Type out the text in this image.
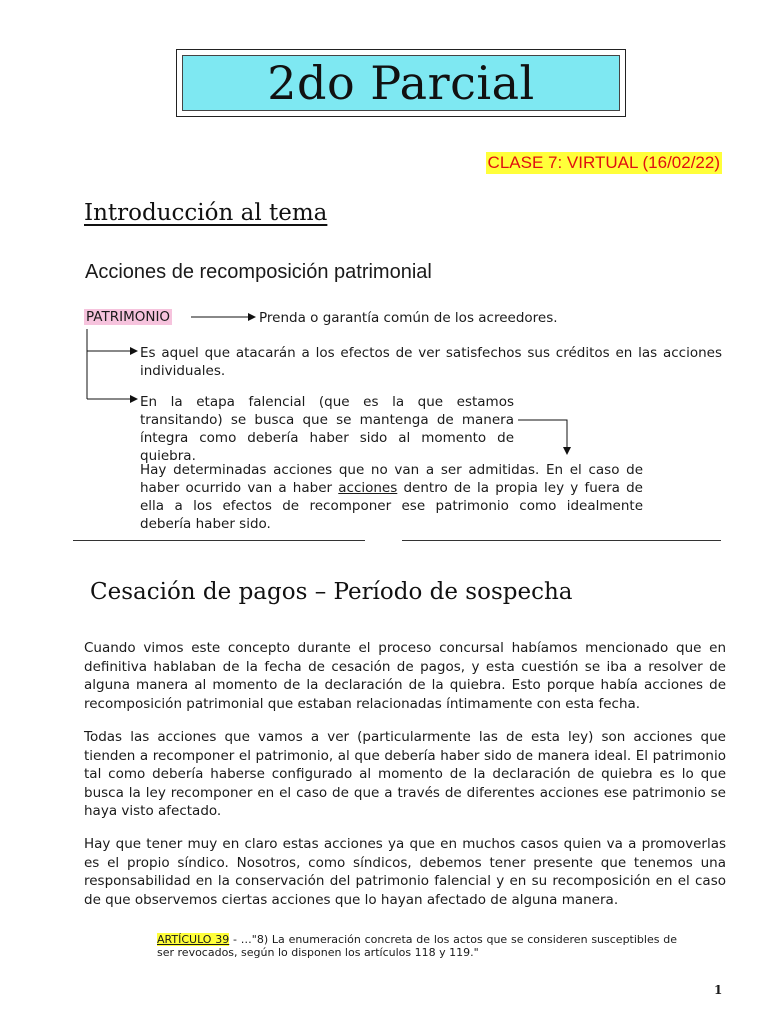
2do Parcial
CLASE 7: VIRTUAL (16/02/22)
Introducción al tema
Acciones de recomposición patrimonial
PATRIMONIO	Prenda o garantía común de los acreedores.
Es aquel que atacarán a los efectos de ver satisfechos sus créditos en las acciones individuales.
En la etapa falencial (que es la que estamos transitando) se busca que se mantenga de manera íntegra como debería haber sido al momento de quiebra.
Hay determinadas acciones que no van a ser admitidas. En el caso de haber ocurrido van a haber acciones dentro de la propia ley y fuera de ella a los efectos de recomponer ese patrimonio como idealmente debería haber sido.
Cesación de pagos – Período de sospecha
Cuando vimos este concepto durante el proceso concursal habíamos mencionado que en definitiva hablaban de la fecha de cesación de pagos, y esta cuestión se iba a resolver de alguna manera al momento de la declaración de la quiebra. Esto porque había acciones de recomposición patrimonial que estaban relacionadas íntimamente con esta fecha.
Todas las acciones que vamos a ver (particularmente las de esta ley) son acciones que tienden a recomponer el patrimonio, al que debería haber sido de manera ideal. El patrimonio tal como debería haberse configurado al momento de la declaración de quiebra es lo que busca la ley recomponer en el caso de que a través de diferentes acciones ese patrimonio se haya visto afectado.
Hay que tener muy en claro estas acciones ya que en muchos casos quien va a promoverlas es el propio síndico. Nosotros, como síndicos, debemos tener presente que tenemos una responsabilidad en la conservación del patrimonio falencial y en su recomposición en el caso de que observemos ciertas acciones que lo hayan afectado de alguna manera.
ARTÍCULO 39 - …"8) La enumeración concreta de los actos que se consideren susceptibles de ser revocados, según lo disponen los artículos 118 y 119."
1
